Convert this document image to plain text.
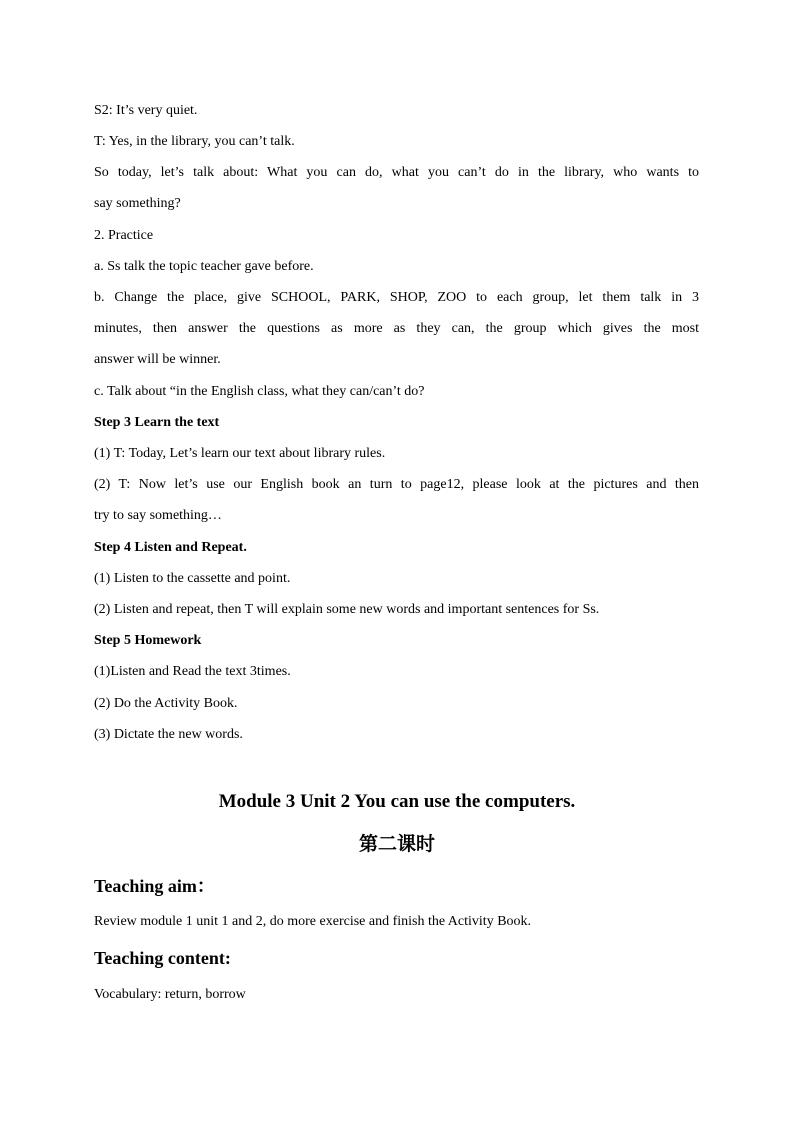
S2: It’s very quiet.
T: Yes, in the library, you can’t talk.
So today, let’s talk about: What you can do, what you can’t do in the library, who wants to
say something?
2. Practice
a. Ss talk the topic teacher gave before.
b. Change the place, give SCHOOL, PARK, SHOP, ZOO to each group, let them talk in 3
minutes, then answer the questions as more as they can, the group which gives the most
answer will be winner.
c. Talk about “in the English class, what they can/can’t do?
Step 3 Learn the text
(1) T: Today, Let’s learn our text about library rules.
(2) T: Now let’s use our English book an turn to page12, please look at the pictures and then
try to say something…
Step 4 Listen and Repeat.
(1) Listen to the cassette and point.
(2) Listen and repeat, then T will explain some new words and important sentences for Ss.
Step 5 Homework
(1)Listen and Read the text 3times.
(2) Do the Activity Book.
(3) Dictate the new words.
Module 3 Unit 2 You can use the computers.
第二课时
Teaching aim：
Review module 1 unit 1 and 2, do more exercise and finish the Activity Book.
Teaching content:
Vocabulary: return, borrow
